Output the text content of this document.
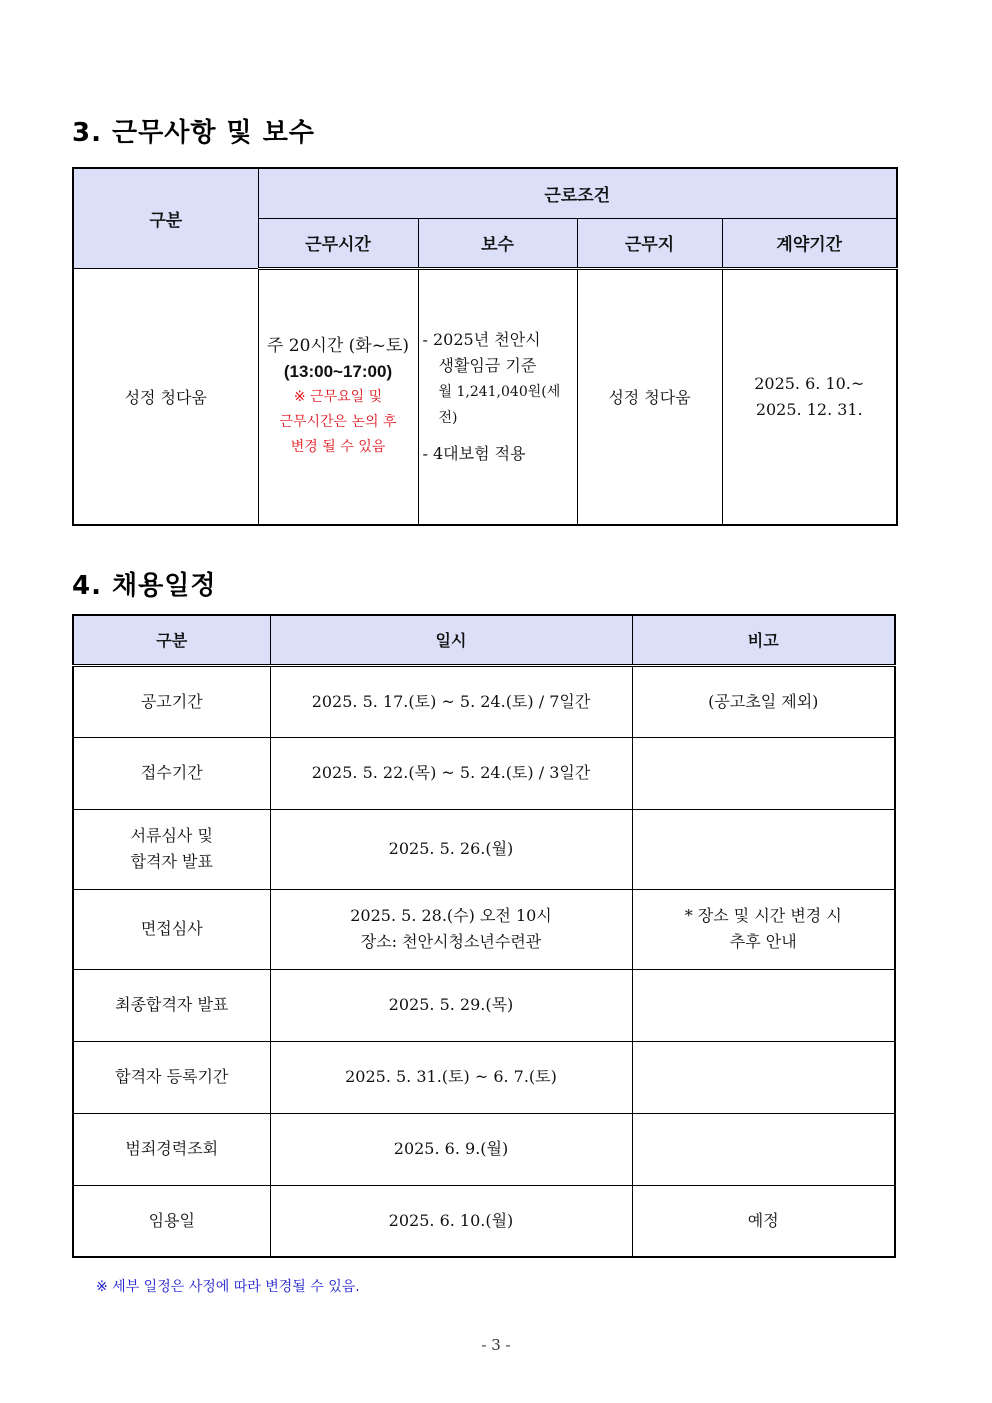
3. 근무사항 및 보수
구분	근로조건			
	근무시간	보수	근무지	계약기간
성정 청다움	주 20시간 (화~토)
(13:00~17:00)
※ 근무요일 및
근무시간은 논의 후
변경 될 수 있음	- 2025년 천안시
생활임금 기준
월 1,241,040원(세전)
- 4대보험 적용	성정 청다움	2025. 6. 10.~
2025. 12. 31.
4. 채용일정
구분	일시	비고

공고기간	2025. 5. 17.(토) ~ 5. 24.(토) / 7일간	(공고초일 제외)

접수기간	2025. 5. 22.(목) ~ 5. 24.(토) / 3일간	

서류심사 및
합격자 발표	2025. 5. 26.(월)	

면접심사	2025. 5. 28.(수) 오전 10시
장소: 천안시청소년수련관	* 장소 및 시간 변경 시
추후 안내

최종합격자 발표	2025. 5. 29.(목)	

합격자 등록기간	2025. 5. 31.(토) ~ 6. 7.(토)	

범죄경력조회	2025. 6. 9.(월)	

임용일	2025. 6. 10.(월)	예정
※ 세부 일정은 사정에 따라 변경될 수 있음.
- 3 -
